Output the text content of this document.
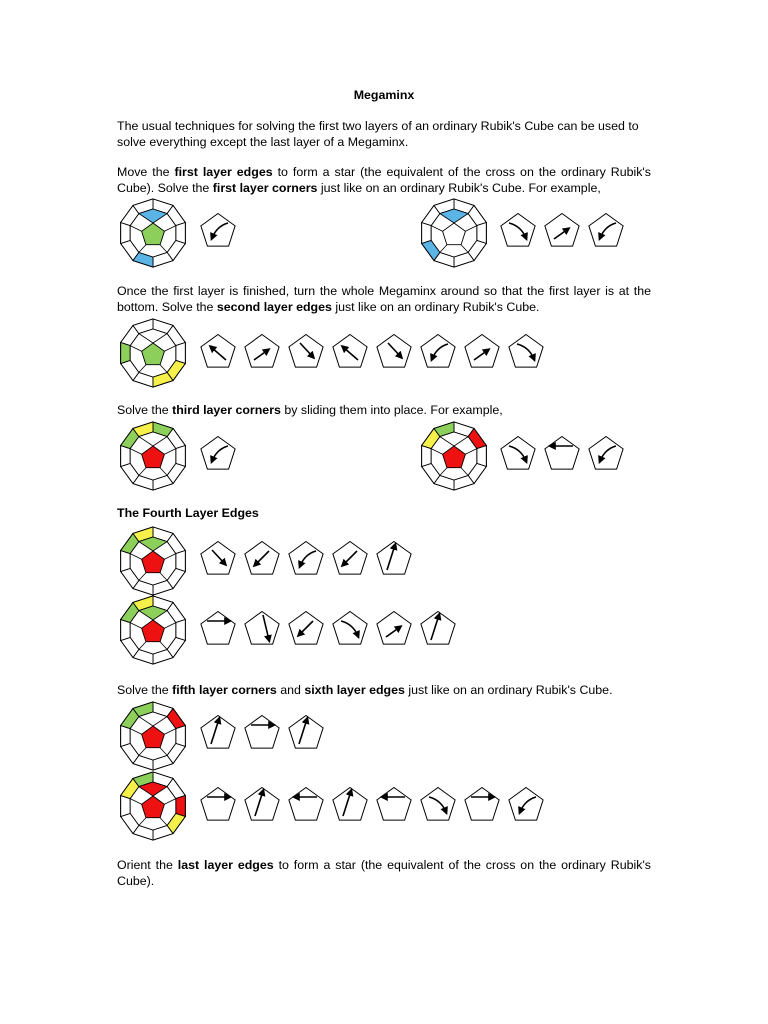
Megaminx
The usual techniques for solving the first two layers of an ordinary Rubik's Cube can be used to solve everything except the last layer of a Megaminx.
Move the first layer edges to form a star (the equivalent of the cross on the ordinary Rubik's Cube). Solve the first layer corners just like on an ordinary Rubik's Cube. For example,
Once the first layer is finished, turn the whole Megaminx around so that the first layer is at the bottom. Solve the second layer edges just like on an ordinary Rubik's Cube.
Solve the third layer corners by sliding them into place. For example,
The Fourth Layer Edges
Solve the fifth layer corners and sixth layer edges just like on an ordinary Rubik's Cube.
Orient the last layer edges to form a star (the equivalent of the cross on the ordinary Rubik's Cube).
